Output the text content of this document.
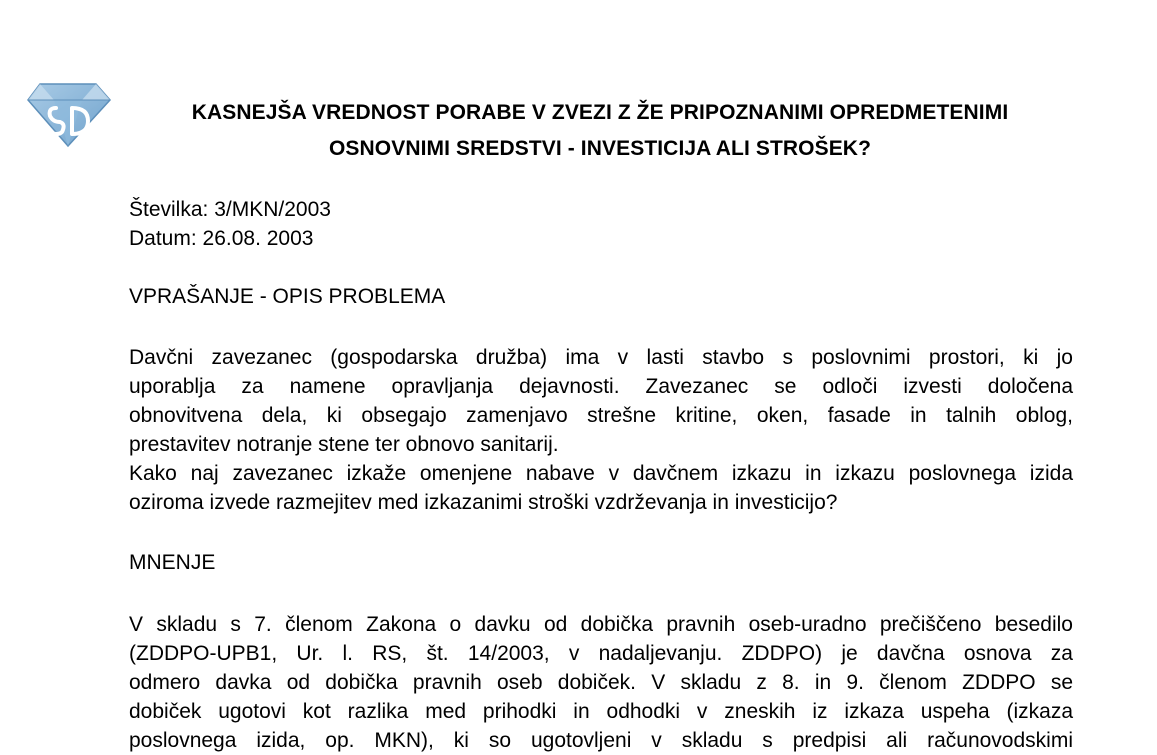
KASNEJŠA VREDNOST PORABE V ZVEZI Z ŽE PRIPOZNANIMI OPREDMETENIMI
OSNOVNIMI SREDSTVI - INVESTICIJA ALI STROŠEK?

Številka: 3/MKN/2003

Datum: 26.08. 2003

VPRAŠANJE - OPIS PROBLEMA

Davčni zavezanec (gospodarska družba) ima v lasti stavbo s poslovnimi prostori, ki jo
uporablja za namene opravljanja dejavnosti. Zavezanec se odloči izvesti določena
obnovitvena dela, ki obsegajo zamenjavo strešne kritine, oken, fasade in talnih oblog,
prestavitev notranje stene ter obnovo sanitarij.
Kako naj zavezanec izkaže omenjene nabave v davčnem izkazu in izkazu poslovnega izida
oziroma izvede razmejitev med izkazanimi stroški vzdrževanja in investicijo?

MNENJE

V skladu s 7. členom Zakona o davku od dobička pravnih oseb-uradno prečiščeno besedilo
(ZDDPO-UPB1, Ur. l. RS, št. 14/2003, v nadaljevanju. ZDDPO) je davčna osnova za
odmero davka od dobička pravnih oseb dobiček. V skladu z 8. in 9. členom ZDDPO se
dobiček ugotovi kot razlika med prihodki in odhodki v zneskih iz izkaza uspeha (izkaza
poslovnega izida, op. MKN), ki so ugotovljeni v skladu s predpisi ali računovodskimi
